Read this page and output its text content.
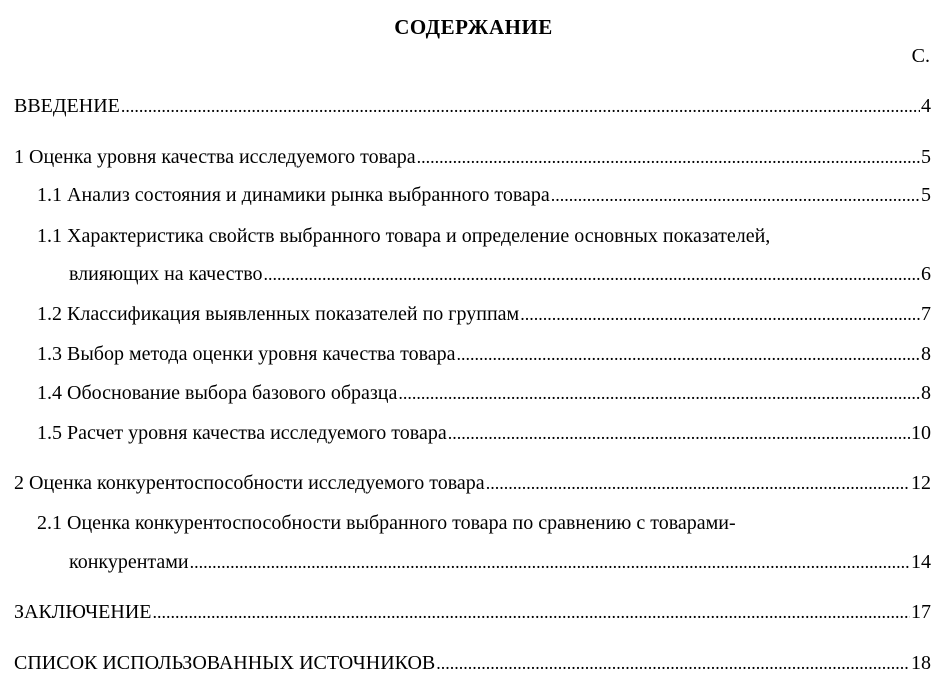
СОДЕРЖАНИЕ
С.
ВВЕДЕНИЕ .....	4
1 Оценка уровня качества исследуемого товара .....	5
1.1 Анализ состояния и динамики рынка выбранного товара .....	5
1.1 Характеристика свойств выбранного товара и определение основных показателей,
влияющих на качество .....	6
1.2 Классификация выявленных показателей по группам .....	7
1.3 Выбор метода оценки уровня качества товара .....	8
1.4 Обоснование выбора базового образца .....	8
1.5 Расчет уровня качества исследуемого товара .....	10
2 Оценка конкурентоспособности исследуемого товара .....	12
2.1 Оценка конкурентоспособности выбранного товара по сравнению с товарами-
конкурентами .....	14
ЗАКЛЮЧЕНИЕ .....	17
СПИСОК ИСПОЛЬЗОВАННЫХ ИСТОЧНИКОВ .....	18
